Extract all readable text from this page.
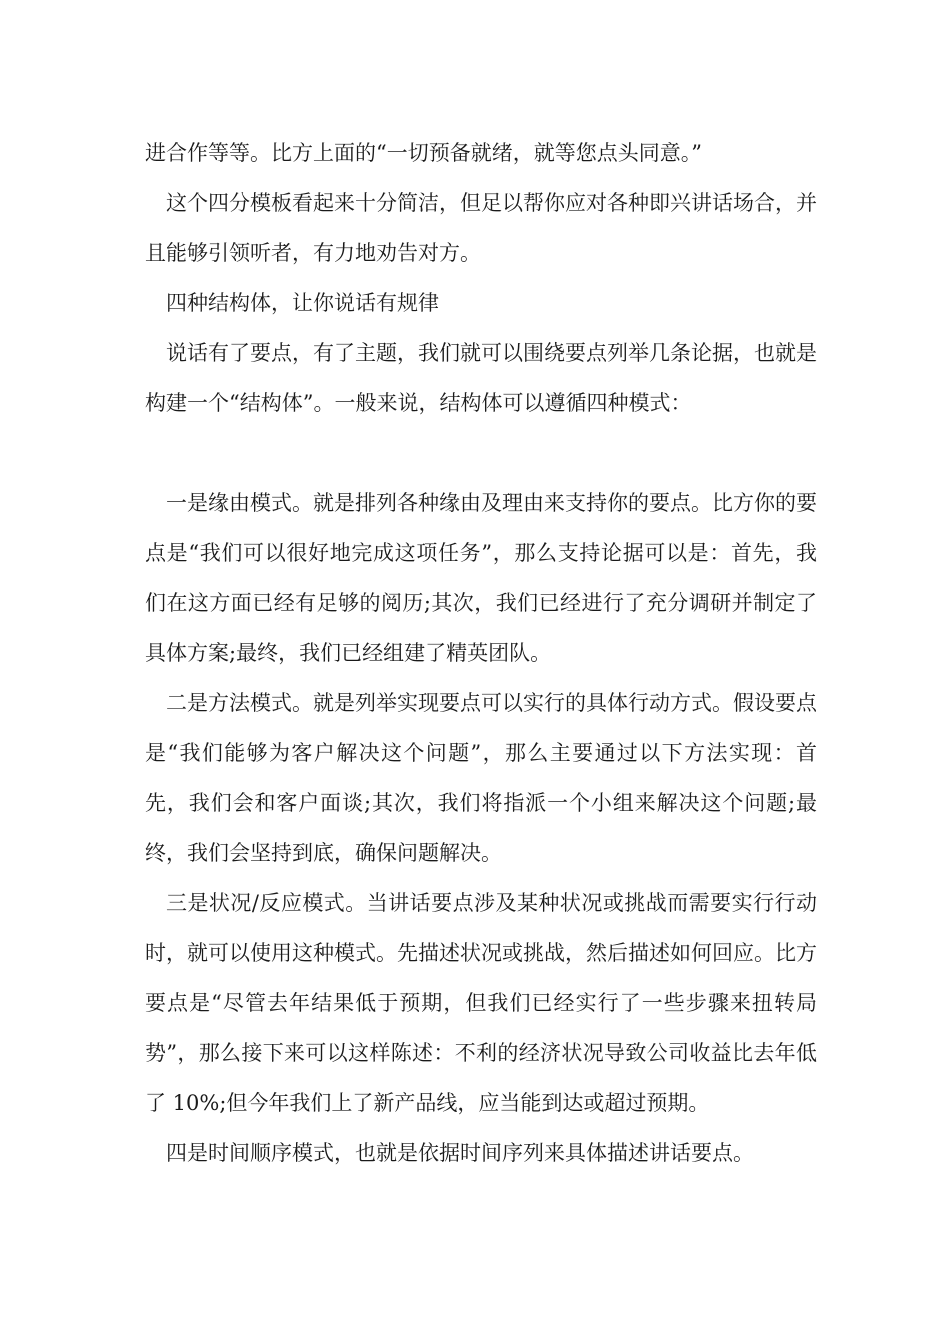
进合作等等。比方上面的“一切预备就绪，就等您点头同意。”

这个四分模板看起来十分简洁，但足以帮你应对各种即兴讲话场合，并且能够引领听者，有力地劝告对方。

四种结构体，让你说话有规律

说话有了要点，有了主题，我们就可以围绕要点列举几条论据，也就是构建一个“结构体”。一般来说，结构体可以遵循四种模式：

一是缘由模式。就是排列各种缘由及理由来支持你的要点。比方你的要点是“我们可以很好地完成这项任务”，那么支持论据可以是：首先，我们在这方面已经有足够的阅历;其次，我们已经进行了充分调研并制定了具体方案;最终，我们已经组建了精英团队。

二是方法模式。就是列举实现要点可以实行的具体行动方式。假设要点是“我们能够为客户解决这个问题”，那么主要通过以下方法实现：首先，我们会和客户面谈;其次，我们将指派一个小组来解决这个问题;最终，我们会坚持到底，确保问题解决。

三是状况/反应模式。当讲话要点涉及某种状况或挑战而需要实行行动时，就可以使用这种模式。先描述状况或挑战，然后描述如何回应。比方要点是“尽管去年结果低于预期，但我们已经实行了一些步骤来扭转局势”，那么接下来可以这样陈述：不利的经济状况导致公司收益比去年低了 10%;但今年我们上了新产品线，应当能到达或超过预期。

四是时间顺序模式，也就是依据时间序列来具体描述讲话要点。
